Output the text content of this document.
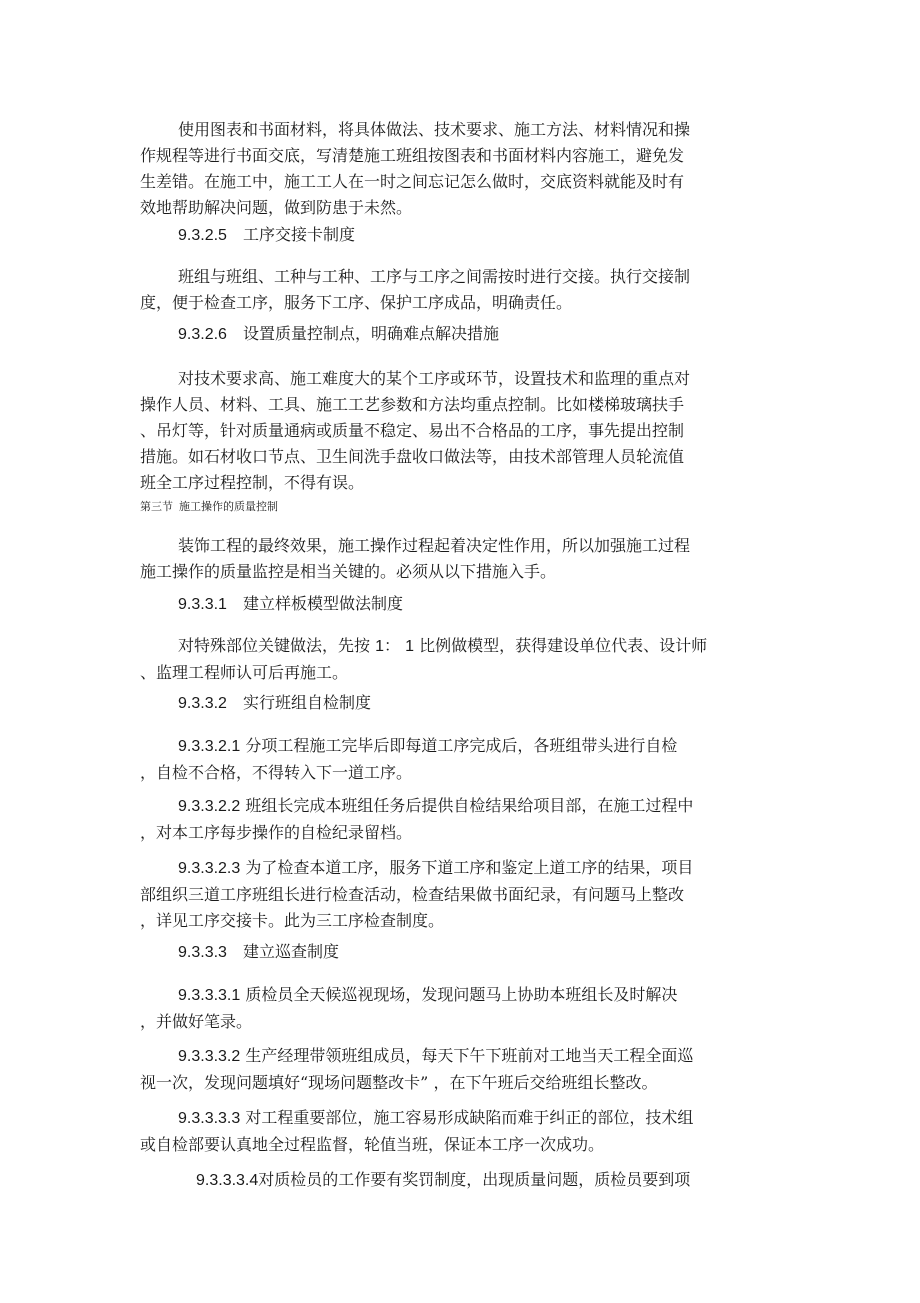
使用图表和书面材料，将具体做法、技术要求、施工方法、材料情况和操
作规程等进行书面交底，写清楚施工班组按图表和书面材料内容施工，避免发
生差错。在施工中，施工工人在一时之间忘记怎么做时，交底资料就能及时有
效地帮助解决问题，做到防患于未然。

9.3.2.5 工序交接卡制度

班组与班组、工种与工种、工序与工序之间需按时进行交接。执行交接制
度，便于检查工序，服务下工序、保护工序成品，明确责任。

9.3.2.6 设置质量控制点，明确难点解决措施

对技术要求高、施工难度大的某个工序或环节，设置技术和监理的重点对
操作人员、材料、工具、施工工艺参数和方法均重点控制。比如楼梯玻璃扶手
、吊灯等，针对质量通病或质量不稳定、易出不合格品的工序，事先提出控制
措施。如石材收口节点、卫生间洗手盘收口做法等，由技术部管理人员轮流值
班全工序过程控制，不得有误。

第三节 施工操作的质量控制

装饰工程的最终效果，施工操作过程起着决定性作用，所以加强施工过程
施工操作的质量监控是相当关键的。必须从以下措施入手。

9.3.3.1 建立样板模型做法制度

对特殊部位关键做法，先按 1： 1 比例做模型，获得建设单位代表、设计师
、监理工程师认可后再施工。

9.3.3.2 实行班组自检制度

9.3.3.2.1 分项工程施工完毕后即每道工序完成后，各班组带头进行自检
，自检不合格，不得转入下一道工序。
9.3.3.2.2 班组长完成本班组任务后提供自检结果给项目部，在施工过程中
，对本工序每步操作的自检纪录留档。
9.3.3.2.3 为了检查本道工序，服务下道工序和鉴定上道工序的结果，项目
部组织三道工序班组长进行检查活动，检查结果做书面纪录，有问题马上整改
，详见工序交接卡。此为三工序检查制度。

9.3.3.3 建立巡查制度

9.3.3.3.1 质检员全天候巡视现场，发现问题马上协助本班组长及时解决
，并做好笔录。
9.3.3.3.2 生产经理带领班组成员，每天下午下班前对工地当天工程全面巡
视一次，发现问题填好“现场问题整改卡” ，在下午班后交给班组长整改。
9.3.3.3.3 对工程重要部位，施工容易形成缺陷而难于纠正的部位，技术组
或自检部要认真地全过程监督，轮值当班，保证本工序一次成功。
9.3.3.3.4对质检员的工作要有奖罚制度，出现质量问题，质检员要到项
